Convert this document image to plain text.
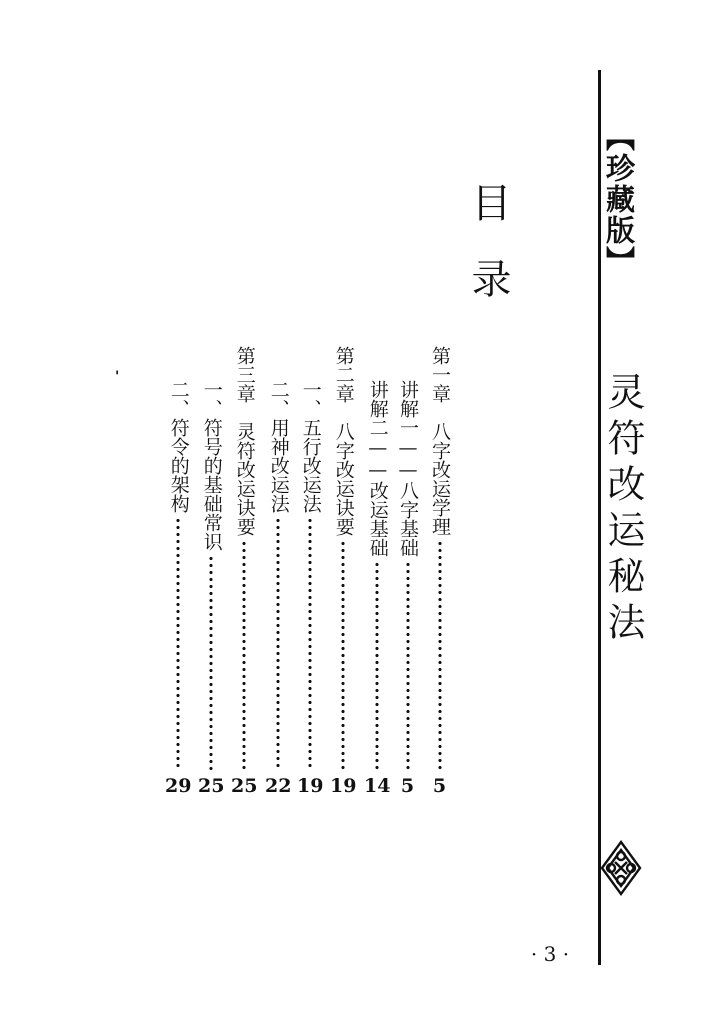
【珍藏版】
灵符改运秘法
· 3 ·
目录
第一章　八字改运学理
5
讲解一——八字基础
5
讲解二——改运基础
14
第二章　八字改运诀要
19
一、五行改运法
19
二、用神改运法
22
第三章　灵符改运诀要
25
一、符号的基础常识
25
二、符令的架构
29
'
